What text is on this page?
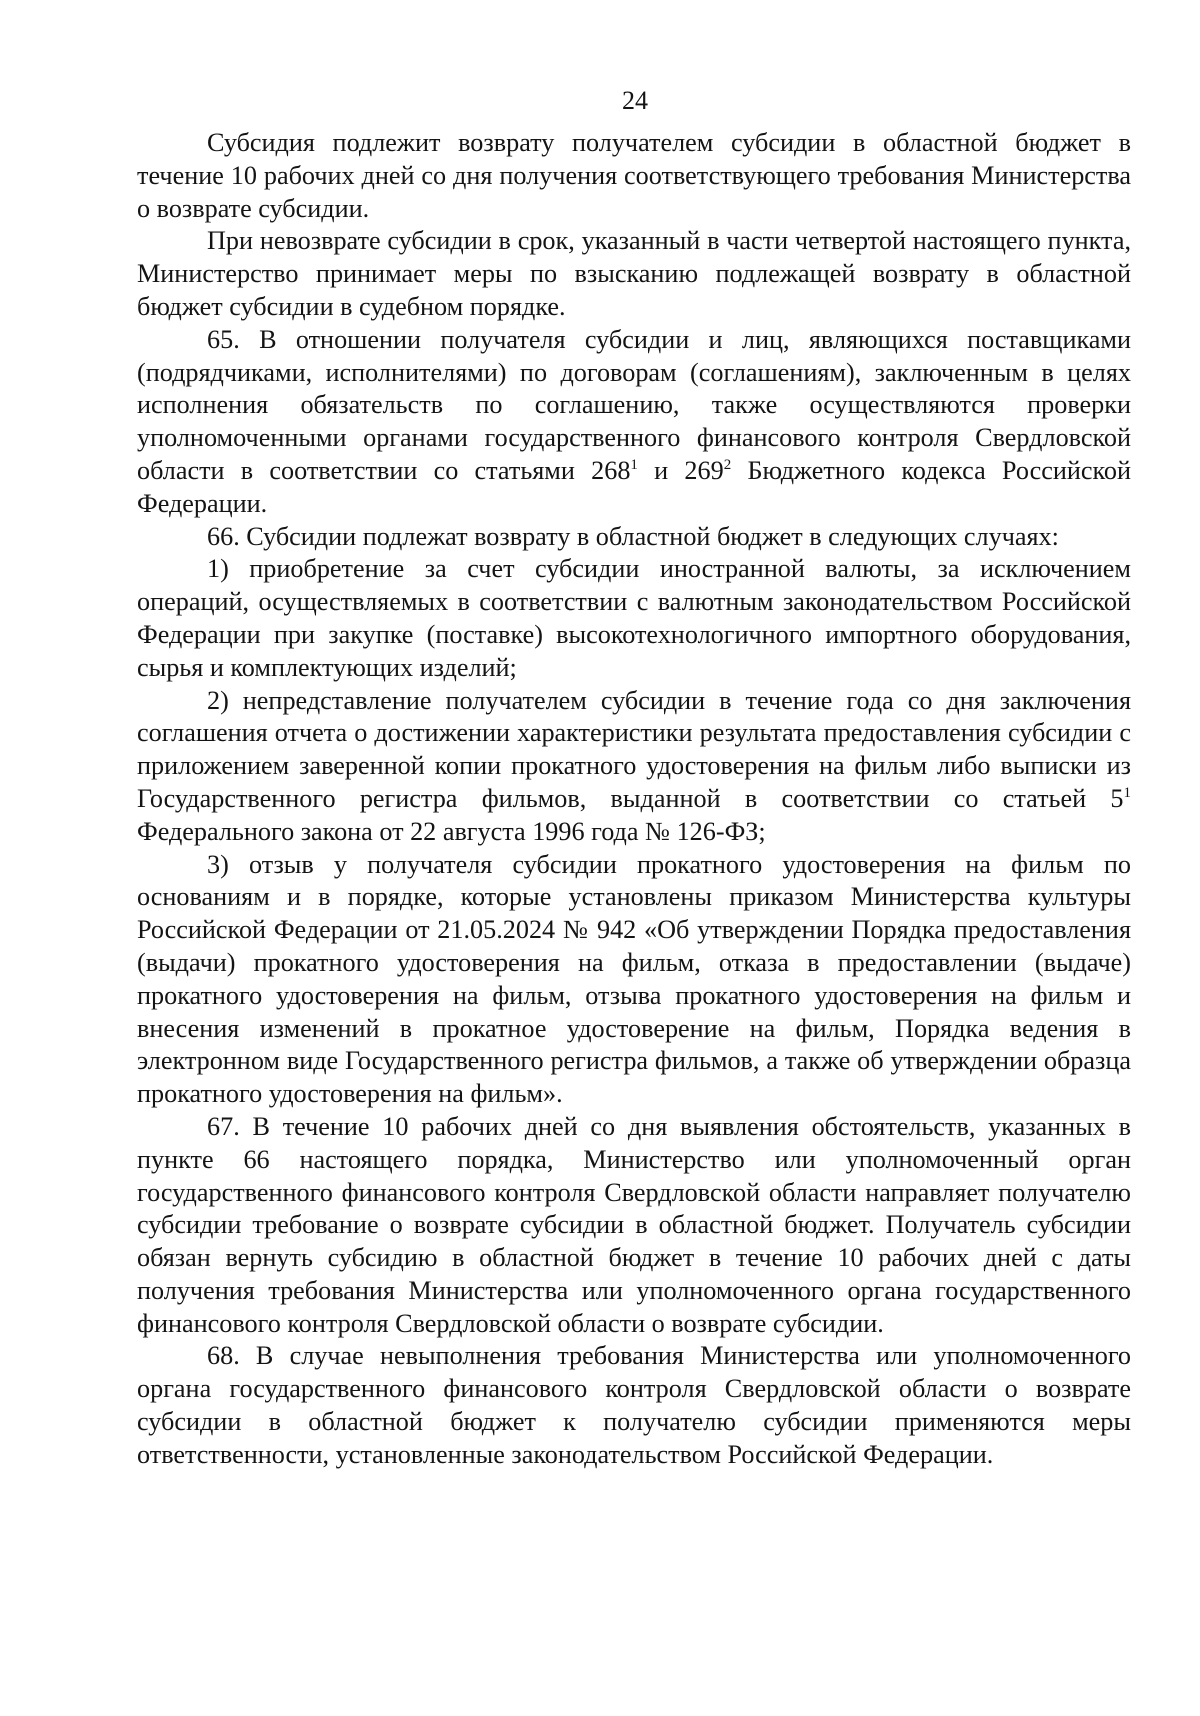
24

Субсидия подлежит возврату получателем субсидии в областной бюджет в течение 10 рабочих дней со дня получения соответствующего требования Министерства о возврате субсидии.

При невозврате субсидии в срок, указанный в части четвертой настоящего пункта, Министерство принимает меры по взысканию подлежащей возврату в областной бюджет субсидии в судебном порядке.

65. В отношении получателя субсидии и лиц, являющихся поставщиками (подрядчиками, исполнителями) по договорам (соглашениям), заключенным в целях исполнения обязательств по соглашению, также осуществляются проверки уполномоченными органами государственного финансового контроля Свердловской области в соответствии со статьями $268^1$ и $269^2$ Бюджетного кодекса Российской Федерации.

66. Субсидии подлежат возврату в областной бюджет в следующих случаях:

1) приобретение за счет субсидии иностранной валюты, за исключением операций, осуществляемых в соответствии с валютным законодательством Российской Федерации при закупке (поставке) высокотехнологичного импортного оборудования, сырья и комплектующих изделий;

2) непредставление получателем субсидии в течение года со дня заключения соглашения отчета о достижении характеристики результата предоставления субсидии с приложением заверенной копии прокатного удостоверения на фильм либо выписки из Государственного регистра фильмов, выданной в соответствии со статьей $5^1$ Федерального закона от 22 августа 1996 года № 126-ФЗ;

3) отзыв у получателя субсидии прокатного удостоверения на фильм по основаниям и в порядке, которые установлены приказом Министерства культуры Российской Федерации от 21.05.2024 № 942 «Об утверждении Порядка предоставления (выдачи) прокатного удостоверения на фильм, отказа в предоставлении (выдаче) прокатного удостоверения на фильм, отзыва прокатного удостоверения на фильм и внесения изменений в прокатное удостоверение на фильм, Порядка ведения в электронном виде Государственного регистра фильмов, а также об утверждении образца прокатного удостоверения на фильм».

67. В течение 10 рабочих дней со дня выявления обстоятельств, указанных в пункте 66 настоящего порядка, Министерство или уполномоченный орган государственного финансового контроля Свердловской области направляет получателю субсидии требование о возврате субсидии в областной бюджет. Получатель субсидии обязан вернуть субсидию в областной бюджет в течение 10 рабочих дней с даты получения требования Министерства или уполномоченного органа государственного финансового контроля Свердловской области о возврате субсидии.

68. В случае невыполнения требования Министерства или уполномоченного органа государственного финансового контроля Свердловской области о возврате субсидии в областной бюджет к получателю субсидии применяются меры ответственности, установленные законодательством Российской Федерации.
